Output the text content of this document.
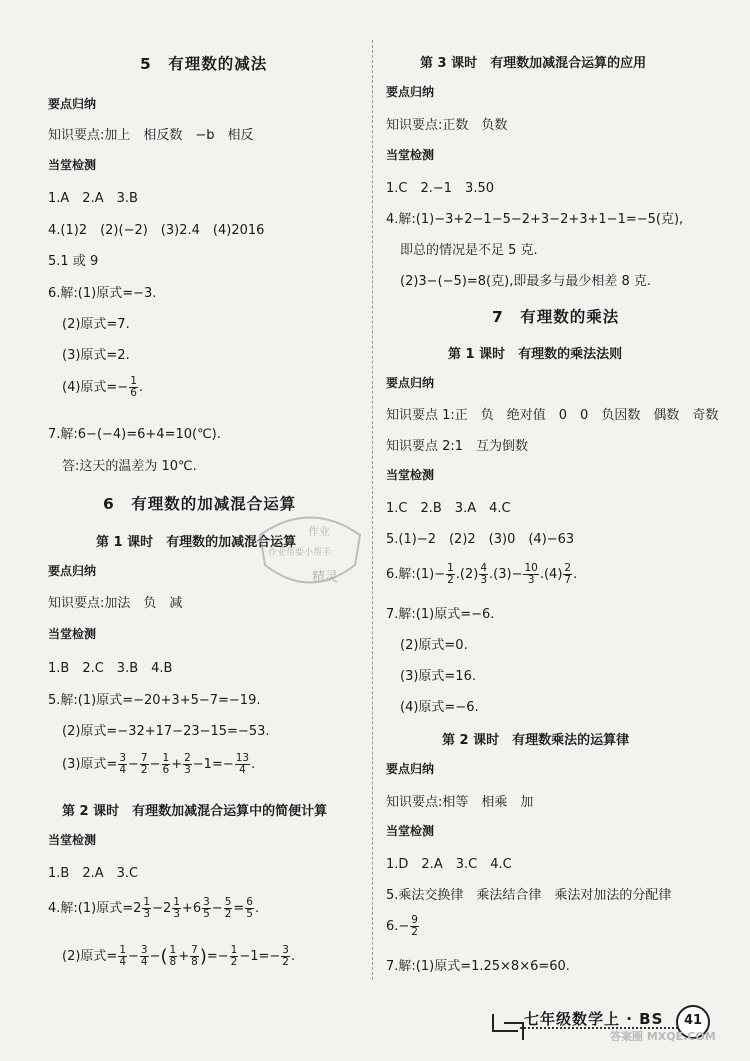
5　有理数的减法
要点归纳
知识要点:加上　相反数　−b　相反
当堂检测
1.A　2.A　3.B
4.(1)2　(2)(−2)　(3)2.4　(4)2016
5.1 或 9
6.解:(1)原式=−3.
(2)原式=7.
(3)原式=2.
(4)原式=− $\frac{1}{6}$ .
7.解:6−(−4)=6+4=10(℃).
答:这天的温差为 10℃.
6　有理数的加减混合运算
第 1 课时　有理数的加减混合运算
要点归纳
知识要点:加法　负　减
当堂检测
1.B　2.C　3.B　4.B
5.解:(1)原式=−20+3+5−7=−19.
(2)原式=−32+17−23−15=−53.
(3)原式= $\frac{3}{4} - \frac{7}{2} - \frac{1}{6} + \frac{2}{3} -1=- \frac{13}{4}$ .
第 2 课时　有理数加减混合运算中的简便计算
当堂检测
1.B　2.A　3.C
4.解:(1)原式$=2 \frac{1}{3} -2 \frac{1}{3} +6 \frac{3}{5} - \frac{5}{2} = \frac{6}{5}$ .
(2)原式= $\frac{1}{4} - \frac{3}{4}$ −( $\frac{1}{8} + \frac{7}{8}$ )=− $\frac{1}{2} -1=- \frac{3}{2}$ .
作业
作业帮要小帮手
精灵
第 3 课时　有理数加减混合运算的应用
要点归纳
知识要点:正数　负数
当堂检测
1.C　2.−1　3.50
4.解:(1)−3+2−1−5−2+3−2+3+1−1=−5(克),
即总的情况是不足 5 克.
(2)3−(−5)=8(克),即最多与最少相差 8 克.
7　有理数的乘法
第 1 课时　有理数的乘法法则
要点归纳
知识要点 1:正　负　绝对值　0　0　负因数　偶数　奇数
知识要点 2:1　互为倒数
当堂检测
1.C　2.B　3.A　4.C
5.(1)−2　(2)2　(3)0　(4)−63
6.解:(1)− $\frac{1}{2} .(2) \frac{4}{3} .(3)- \frac{10}{3} .(4) \frac{2}{7}$ .
7.解:(1)原式=−6.
(2)原式=0.
(3)原式=16.
(4)原式=−6.
第 2 课时　有理数乘法的运算律
要点归纳
知识要点:相等　相乘　加
当堂检测
1.D　2.A　3.C　4.C
5.乘法交换律　乘法结合律　乘法对加法的分配律
$6.- \frac{9}{2}$
7.解:(1)原式=1.25×8×6=60.
七年级数学上 · BS	41
答案圈 MXQE.COM
